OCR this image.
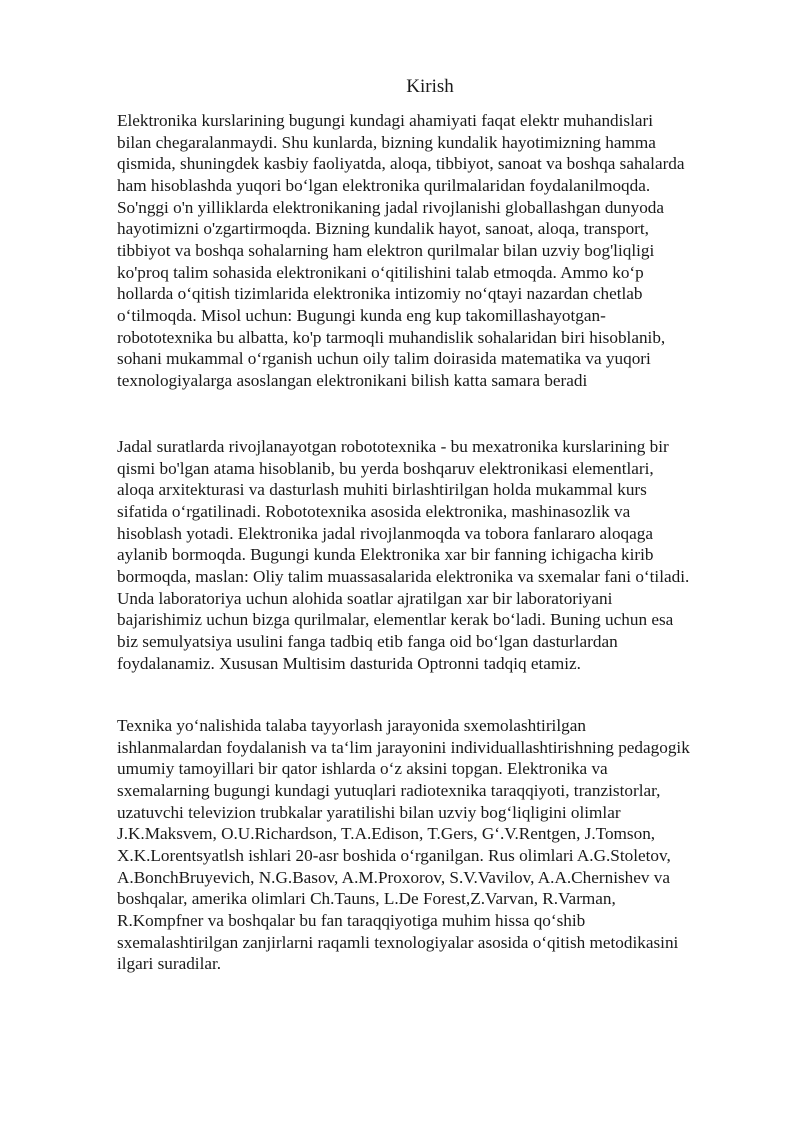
Kirish
Elektronika kurslarining bugungi kundagi ahamiyati faqat elektr muhandislari
bilan chegaralanmaydi. Shu kunlarda, bizning kundalik hayotimizning hamma
qismida, shuningdek kasbiy faoliyatda, aloqa, tibbiyot, sanoat va boshqa sahalarda
ham hisoblashda yuqori boʻlgan elektronika qurilmalaridan foydalanilmoqda.
So'nggi o'n yilliklarda elektronikaning jadal rivojlanishi globallashgan dunyoda
hayotimizni o'zgartirmoqda. Bizning kundalik hayot, sanoat, aloqa, transport,
tibbiyot va boshqa sohalarning ham elektron qurilmalar bilan uzviy bog'liqligi
ko'proq talim sohasida elektronikani oʻqitilishini talab etmoqda. Ammo koʻp
hollarda oʻqitish tizimlarida elektronika intizomiy noʻqtayi nazardan chetlab
oʻtilmoqda. Misol uchun: Bugungi kunda eng kup takomillashayotgan-
robototexnika bu albatta, ko'p tarmoqli muhandislik sohalaridan biri hisoblanib,
sohani mukammal oʻrganish uchun oily talim doirasida matematika va yuqori
texnologiyalarga asoslangan elektronikani bilish katta samara beradi
Jadal suratlarda rivojlanayotgan robototexnika - bu mexatronika kurslarining bir
qismi bo'lgan atama hisoblanib, bu yerda boshqaruv elektronikasi elementlari,
aloqa arxitekturasi va dasturlash muhiti birlashtirilgan holda mukammal kurs
sifatida oʻrgatilinadi. Robototexnika asosida elektronika, mashinasozlik va
hisoblash yotadi. Elektronika jadal rivojlanmoqda va tobora fanlararo aloqaga
aylanib bormoqda. Bugungi kunda Elektronika xar bir fanning ichigacha kirib
bormoqda, maslan: Oliy talim muassasalarida elektronika va sxemalar fani oʻtiladi.
Unda laboratoriya uchun alohida soatlar ajratilgan xar bir laboratoriyani
bajarishimiz uchun bizga qurilmalar, elementlar kerak boʻladi. Buning uchun esa
biz semulyatsiya usulini fanga tadbiq etib fanga oid boʻlgan dasturlardan
foydalanamiz. Xususan Multisim dasturida Optronni tadqiq etamiz.
Texnika yoʻnalishida talaba tayyorlash jarayonida sxemolashtirilgan
ishlanmalardan foydalanish va taʻlim jarayonini individuallashtirishning pedagogik
umumiy tamoyillari bir qator ishlarda oʻz aksini topgan. Elektronika va
sxemalarning bugungi kundagi yutuqlari radiotexnika taraqqiyoti, tranzistorlar,
uzatuvchi televizion trubkalar yaratilishi bilan uzviy bogʻliqligini olimlar
J.K.Maksvem, O.U.Richardson, T.A.Edison, T.Gers, Gʻ.V.Rentgen, J.Tomson,
X.K.Lorentsyatlsh ishlari 20-asr boshida oʻrganilgan. Rus olimlari A.G.Stoletov,
A.BonchBruyevich, N.G.Basov, A.M.Proxorov, S.V.Vavilov, A.A.Chernishev va
boshqalar, amerika olimlari Ch.Tauns, L.De Forest,Z.Varvan, R.Varman,
R.Kompfner va boshqalar bu fan taraqqiyotiga muhim hissa qoʻshib
sxemalashtirilgan zanjirlarni raqamli texnologiyalar asosida oʻqitish metodikasini
ilgari suradilar.
